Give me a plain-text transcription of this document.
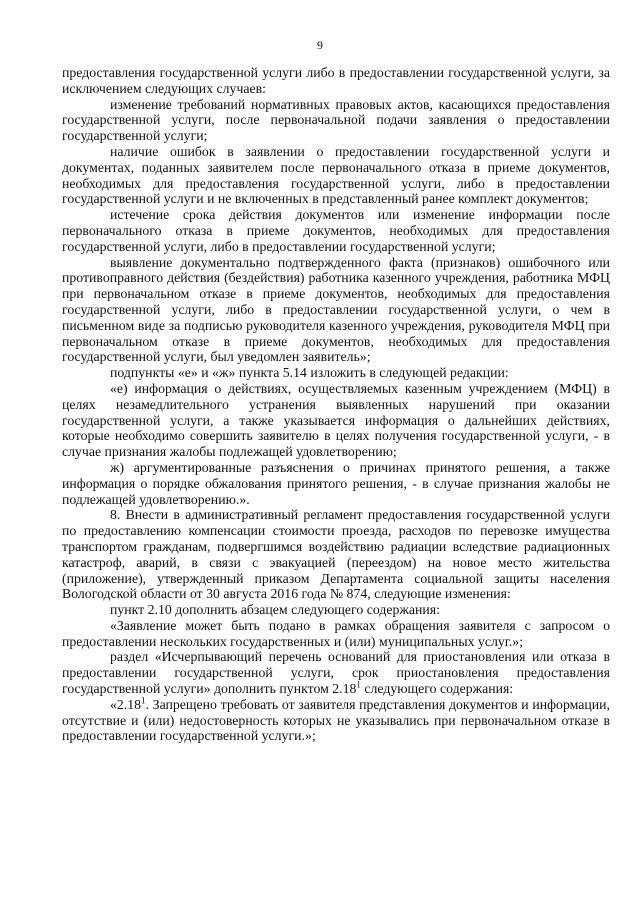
9

предоставления государственной услуги либо в предоставлении государственной услуги, за исключением следующих случаев:

изменение требований нормативных правовых актов, касающихся предоставления государственной услуги, после первоначальной подачи заявления о предоставлении государственной услуги;

наличие ошибок в заявлении о предоставлении государственной услуги и документах, поданных заявителем после первоначального отказа в приеме документов, необходимых для предоставления государственной услуги, либо в предоставлении государственной услуги и не включенных в представленный ранее комплект документов;

истечение срока действия документов или изменение информации после первоначального отказа в приеме документов, необходимых для предоставления государственной услуги, либо в предоставлении государственной услуги;

выявление документально подтвержденного факта (признаков) ошибочного или противоправного действия (бездействия) работника казенного учреждения, работника МФЦ при первоначальном отказе в приеме документов, необходимых для предоставления государственной услуги, либо в предоставлении государственной услуги, о чем в письменном виде за подписью руководителя казенного учреждения, руководителя МФЦ при первоначальном отказе в приеме документов, необходимых для предоставления государственной услуги, был уведомлен заявитель»;

подпункты «е» и «ж» пункта 5.14 изложить в следующей редакции:

«е) информация о действиях, осуществляемых казенным учреждением (МФЦ) в целях незамедлительного устранения выявленных нарушений при оказании государственной услуги, а также указывается информация о дальнейших действиях, которые необходимо совершить заявителю в целях получения государственной услуги, - в случае признания жалобы подлежащей удовлетворению;

ж) аргументированные разъяснения о причинах принятого решения, а также информация о порядке обжалования принятого решения, - в случае признания жалобы не подлежащей удовлетворению.».

8. Внести в административный регламент предоставления государственной услуги по предоставлению компенсации стоимости проезда, расходов по перевозке имущества транспортом гражданам, подвергшимся воздействию радиации вследствие радиационных катастроф, аварий, в связи с эвакуацией (переездом) на новое место жительства (приложение), утвержденный приказом Департамента социальной защиты населения Вологодской области от 30 августа 2016 года № 874, следующие изменения:

пункт 2.10 дополнить абзацем следующего содержания:

«Заявление может быть подано в рамках обращения заявителя с запросом о предоставлении нескольких государственных и (или) муниципальных услуг.»;

раздел «Исчерпывающий перечень оснований для приостановления или отказа в предоставлении государственной услуги, срок приостановления предоставления государственной услуги» дополнить пунктом 2.18$^1$ следующего содержания:

«2.18$^1$. Запрещено требовать от заявителя представления документов и информации, отсутствие и (или) недостоверность которых не указывались при первоначальном отказе в предоставлении государственной услуги.»;
